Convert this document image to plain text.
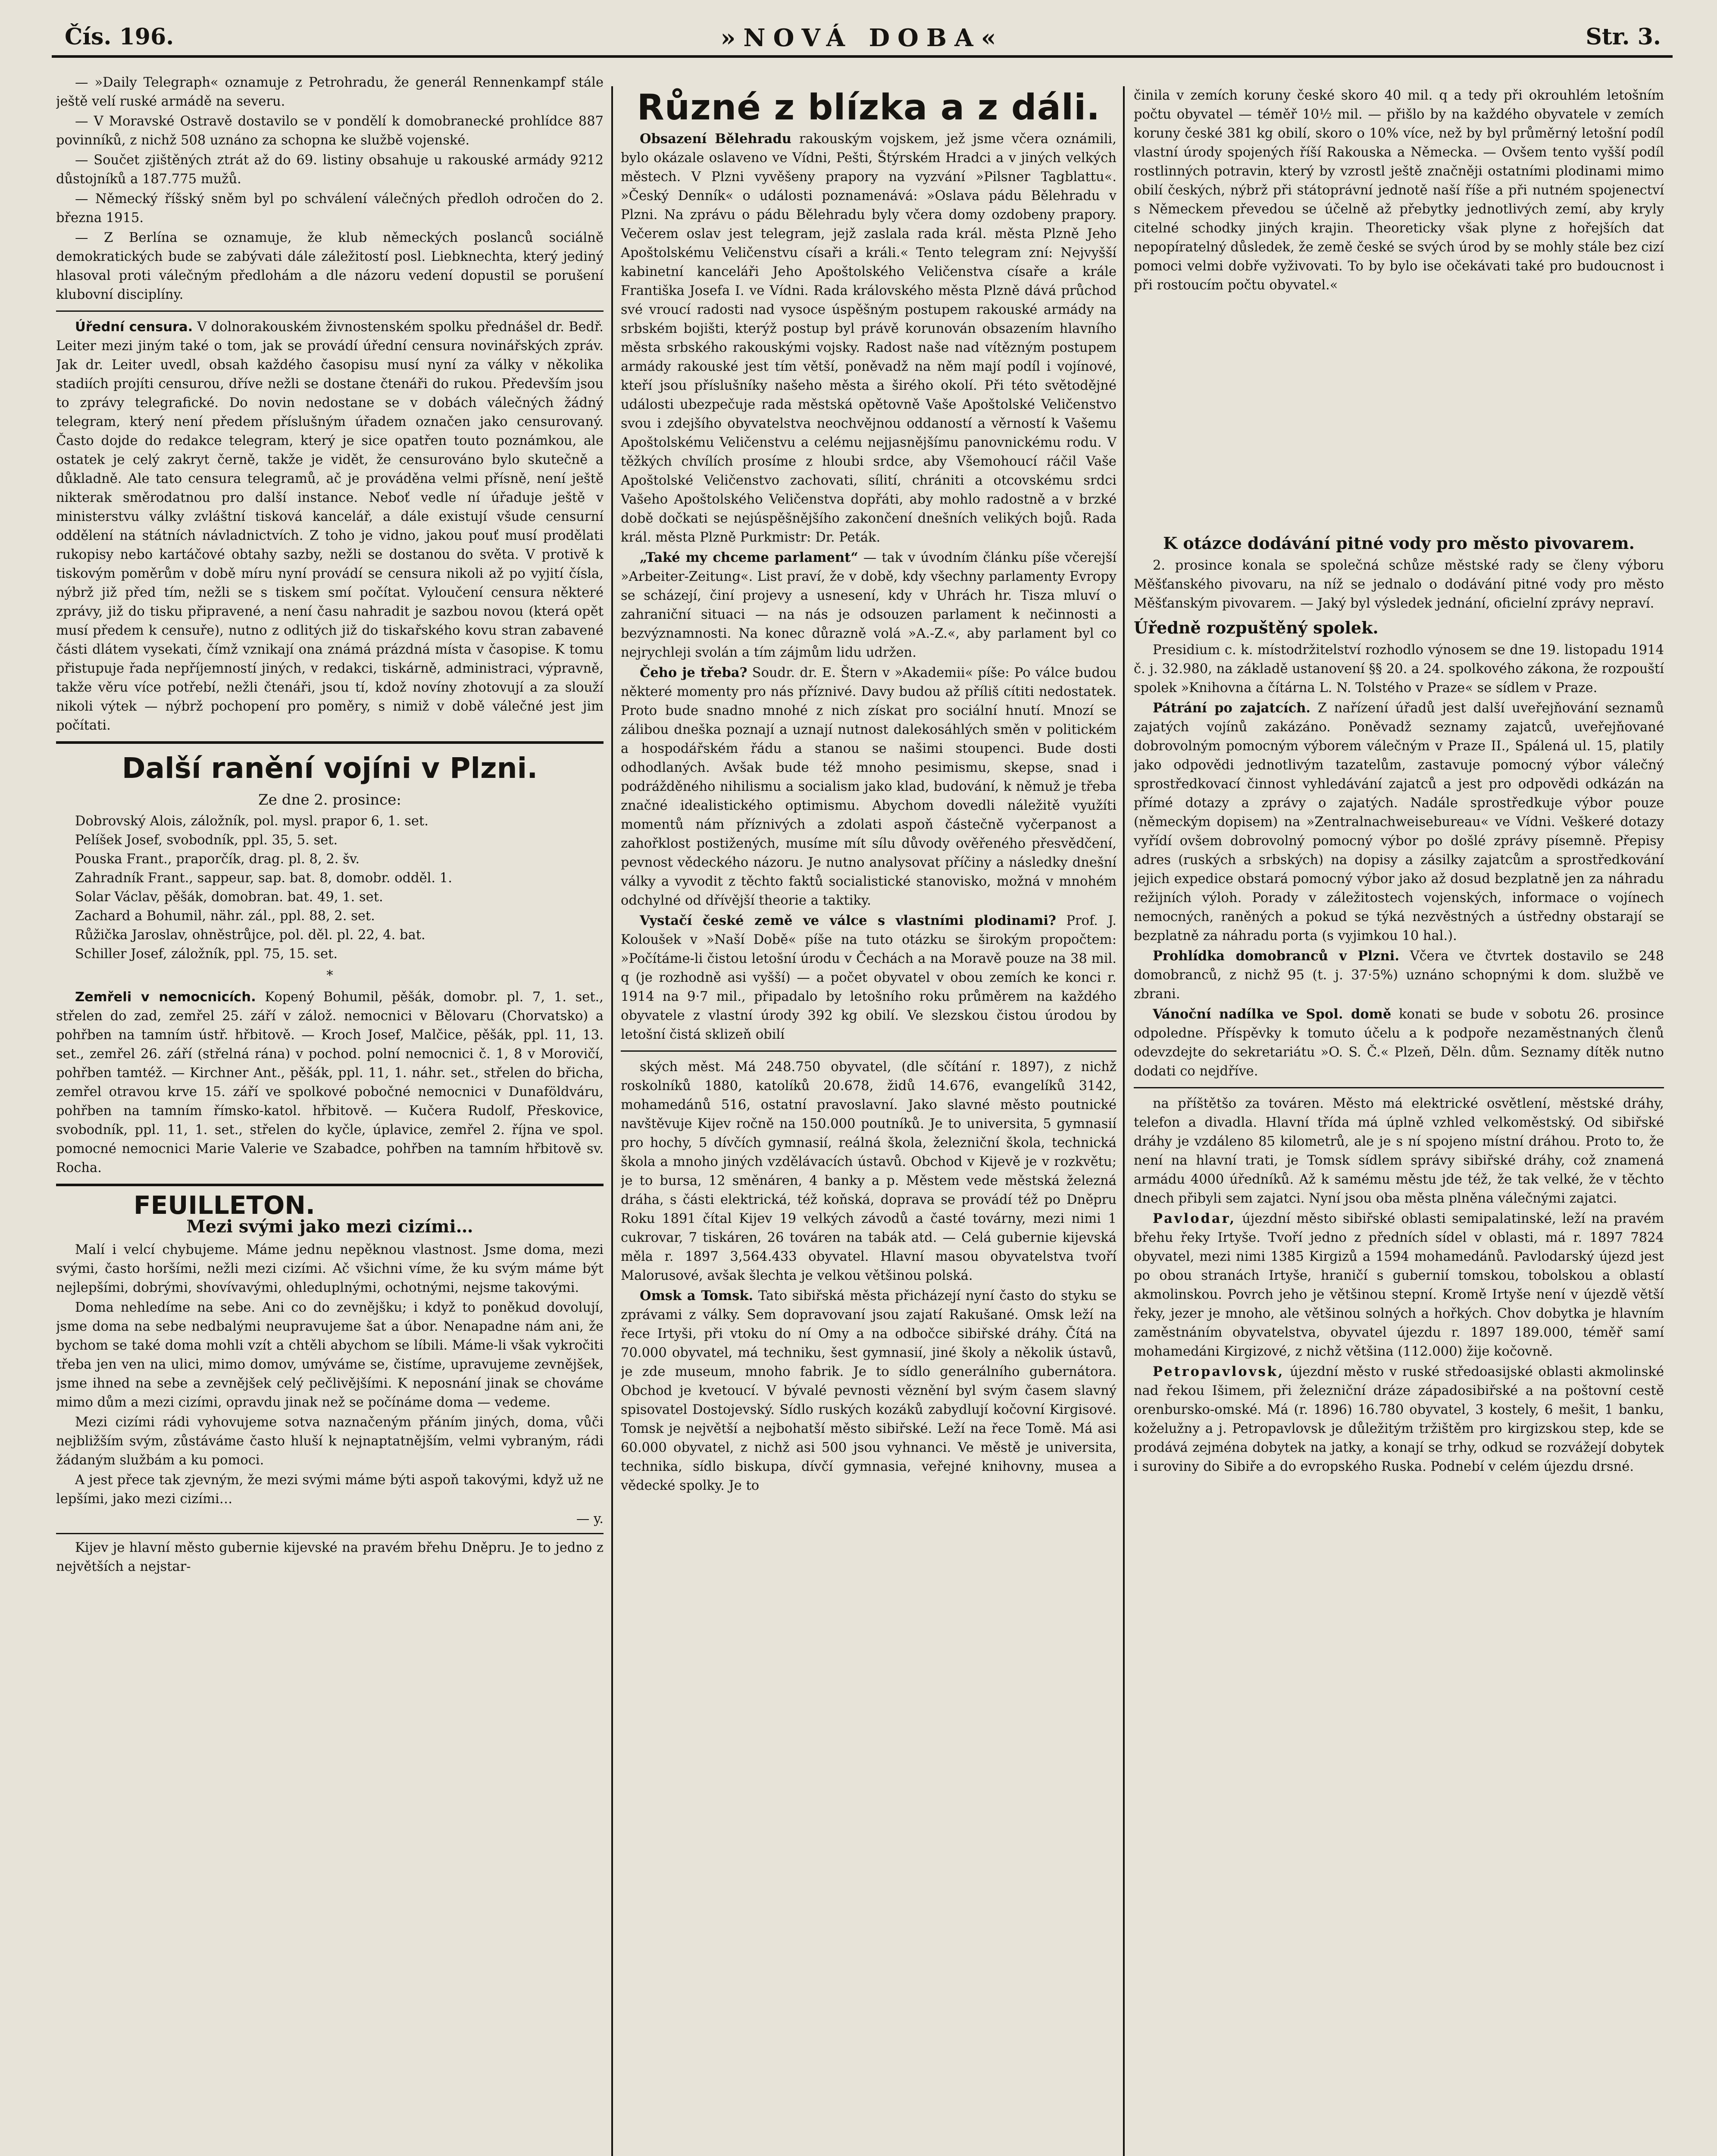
Čís. 196.	»NOVÁ DOBA«	Str. 3.

— »Daily Telegraph« oznamuje z Petrohradu, že generál Rennenkampf stále ještě velí ruské armádě na severu.

— V Moravské Ostravě dostavilo se v pondělí k domobranecké prohlídce 887 povinníků, z nichž 508 uznáno za schopna ke službě vojenské.

— Součet zjištěných ztrát až do 69. listiny obsahuje u rakouské armády 9212 důstojníků a 187.775 mužů.

— Německý říšský sněm byl po schválení válečných předloh odročen do 2. března 1915.

— Z Berlína se oznamuje, že klub německých poslanců sociálně demokratických bude se zabývati dále záležitostí posl. Liebknechta, který jediný hlasoval proti válečným předlohám a dle názoru vedení dopustil se porušení klubovní disciplíny.

Úřední censura. V dolnorakouském živnostenském spolku přednášel dr. Bedř. Leiter mezi jiným také o tom, jak se provádí úřední censura novinářských zpráv. Jak dr. Leiter uvedl, obsah každého časopisu musí nyní za války v několika stadiích projíti censurou, dříve nežli se dostane čtenáři do rukou. Především jsou to zprávy telegrafické. Do novin nedostane se v dobách válečných žádný telegram, který není předem příslušným úřadem označen jako censurovaný. Často dojde do redakce telegram, který je sice opatřen touto poznámkou, ale ostatek je celý zakryt černě, takže je vidět, že censurováno bylo skutečně a důkladně. Ale tato censura telegramů, ač je prováděna velmi přísně, není ještě nikterak směrodatnou pro další instance. Neboť vedle ní úřaduje ještě v ministerstvu války zvláštní tisková kancelář, a dále existují všude censurní oddělení na státních návladnictvích. Z toho je vidno, jakou pouť musí prodělati rukopisy nebo kartáčové obtahy sazby, nežli se dostanou do světa. V protivě k tiskovým poměrům v době míru nyní provádí se censura nikoli až po vyjití čísla, nýbrž již před tím, nežli se s tiskem smí počítat. Vyloučení censura některé zprávy, již do tisku připravené, a není času nahradit je sazbou novou (která opět musí předem k censuře), nutno z odlitých již do tiskařského kovu stran zabavené části dlátem vysekati, čímž vznikají ona známá prázdná místa v časopise. K tomu přistupuje řada nepříjemností jiných, v redakci, tiskárně, administraci, výpravně, takže věru více potřebí, nežli čtenáři, jsou tí, kdož novíny zhotovují a za slouží nikoli výtek — nýbrž pochopení pro poměry, s nimiž v době válečné jest jim počítati.

Další ranění vojíni v Plzni.
Ze dne 2. prosince:

Dobrovský Alois, záložník, pol. mysl. prapor 6, 1. set.

Pelíšek Josef, svobodník, ppl. 35, 5. set.

Pouska Frant., praporčík, drag. pl. 8, 2. šv.

Zahradník Frant., sappeur, sap. bat. 8, domobr. odděl. 1.

Solar Václav, pěšák, domobran. bat. 49, 1. set.

Zachard a Bohumil, nähr. zál., ppl. 88, 2. set.

Růžička Jaroslav, ohněstrůjce, pol. děl. pl. 22, 4. bat.

Schiller Josef, záložník, ppl. 75, 15. set.

*

Zemřeli v nemocnicích. Kopený Bohumil, pěšák, domobr. pl. 7, 1. set., střelen do zad, zemřel 25. září v zálož. nemocnici v Bělovaru (Chorvatsko) a pohřben na tamním ústř. hřbitově. — Kroch Josef, Malčice, pěšák, ppl. 11, 13. set., zemřel 26. září (střelná rána) v pochod. polní nemocnici č. 1, 8 v Morovičí, pohřben tamtéž. — Kirchner Ant., pěšák, ppl. 11, 1. náhr. set., střelen do břicha, zemřel otravou krve 15. září ve spolkové pobočné nemocnici v Dunaföldváru, pohřben na tamním římsko-katol. hřbitově. — Kučera Rudolf, Přeskovice, svobodník, ppl. 11, 1. set., střelen do kyčle, úplavice, zemřel 2. října ve spol. pomocné nemocnici Marie Valerie ve Szabadce, pohřben na tamním hřbitově sv. Rocha.

FEUILLETON.
Mezi svými jako mezi cizími…

Malí i velcí chybujeme. Máme jednu nepěknou vlastnost. Jsme doma, mezi svými, často horšími, nežli mezi cizími. Ač všichni víme, že ku svým máme být nejlepšími, dobrými, shovívavými, ohleduplnými, ochotnými, nejsme takovými.

Doma nehledíme na sebe. Ani co do zevnějšku; i když to poněkud dovolují, jsme doma na sebe nedbalými neupravujeme šat a úbor. Nenapadne nám ani, že bychom se také doma mohli vzít a chtěli abychom se líbili. Máme-li však vykročiti třeba jen ven na ulici, mimo domov, umýváme se, čistíme, upravujeme zevnějšek, jsme ihned na sebe a zevnějšek celý pečlivějšími. K neposnání jinak se chováme mimo dům a mezi cizími, opravdu jinak než se počínáme doma — vedeme.

Mezi cizími rádi vyhovujeme sotva naznačeným přáním jiných, doma, vůči nejbližším svým, zůstáváme často hluší k nejnaptatnějším, velmi vybraným, rádi žádaným službám a ku pomoci.

A jest přece tak zjevným, že mezi svými máme býti aspoň takovými, když už ne lepšími, jako mezi cizími…

— y.

Kijev je hlavní město gubernie kijevské na pravém břehu Dněpru. Je to jedno z největších a nejstar-

Různé z blízka a z dáli.

Obsazení Bělehradu rakouským vojskem, jež jsme včera oznámili, bylo okázale oslaveno ve Vídni, Pešti, Štýrském Hradci a v jiných velkých městech. V Plzni vyvěšeny prapory na vyzvání »Pilsner Tagblattu«. »Český Denník« o události poznamenává: »Oslava pádu Bělehradu v Plzni. Na zprávu o pádu Bělehradu byly včera domy ozdobeny prapory. Večerem oslav jest telegram, jejž zaslala rada král. města Plzně Jeho Apoštolskému Veličenstvu císaři a králi.« Tento telegram zní: Nejvyšší kabinetní kanceláři Jeho Apoštolského Veličenstva císaře a krále Františka Josefa I. ve Vídni. Rada královského města Plzně dává průchod své vroucí radosti nad vysoce úspěšným postupem rakouské armády na srbském bojišti, kterýž postup byl právě korunován obsazením hlavního města srbského rakouskými vojsky. Radost naše nad vítězným postupem armády rakouské jest tím větší, poněvadž na něm mají podíl i vojínové, kteří jsou příslušníky našeho města a širého okolí. Při této světodějné události ubezpečuje rada městská opětovně Vaše Apoštolské Veličenstvo svou i zdejšího obyvatelstva neochvějnou oddaností a věrností k Vašemu Apoštolskému Veličenstvu a celému nejjasnějšímu panovnickému rodu. V těžkých chvílích prosíme z hloubi srdce, aby Všemohoucí ráčil Vaše Apoštolské Veličenstvo zachovati, sílití, chrániti a otcovskému srdci Vašeho Apoštolského Veličenstva dopřáti, aby mohlo radostně a v brzké době dočkati se nejúspěšnějšího zakončení dnešních velikých bojů. Rada král. města Plzně Purkmistr: Dr. Peták.

„Také my chceme parlament“ — tak v úvodním článku píše včerejší »Arbeiter-Zeitung«. List praví, že v době, kdy všechny parlamenty Evropy se scházejí, činí projevy a usnesení, kdy v Uhrách hr. Tisza mluví o zahraniční situaci — na nás je odsouzen parlament k nečinnosti a bezvýznamnosti. Na konec důrazně volá »A.-Z.«, aby parlament byl co nejrychleji svolán a tím zájmům lidu udržen.

Čeho je třeba? Soudr. dr. E. Štern v »Akademii« píše: Po válce budou některé momenty pro nás příznivé. Davy budou až příliš cítiti nedostatek. Proto bude snadno mnohé z nich získat pro sociální hnutí. Mnozí se zálibou dneška poznají a uznají nutnost dalekosáhlých směn v politickém a hospodářském řádu a stanou se našimi stoupenci. Bude dosti odhodlaných. Avšak bude též mnoho pesimismu, skepse, snad i podrážděného nihilismu a socialism jako klad, budování, k němuž je třeba značné idealistického optimismu. Abychom dovedli náležitě využíti momentů nám příznivých a zdolati aspoň částečně vyčerpanost a zahořklost postižených, musíme mít sílu důvody ověřeného přesvědčení, pevnost vědeckého názoru. Je nutno analysovat příčiny a následky dnešní války a vyvodit z těchto faktů socialistické stanovisko, možná v mnohém odchylné od dřívější theorie a taktiky.

Vystačí české země ve válce s vlastními plodinami? Prof. J. Koloušek v »Naší Době« píše na tuto otázku se širokým propočtem: »Počítáme-li čistou letošní úrodu v Čechách a na Moravě pouze na 38 mil. q (je rozhodně asi vyšší) — a počet obyvatel v obou zemích ke konci r. 1914 na 9·7 mil., připadalo by letošního roku průměrem na každého obyvatele z vlastní úrody 392 kg obilí. Ve slezskou čistou úrodou by letošní čistá sklizeň obilí

ských měst. Má 248.750 obyvatel, (dle sčítání r. 1897), z nichž roskolníků 1880, katolíků 20.678, židů 14.676, evangelíků 3142, mohamedánů 516, ostatní pravoslavní. Jako slavné město poutnické navštěvuje Kijev ročně na 150.000 poutníků. Je to universita, 5 gymnasií pro hochy, 5 dívčích gymnasií, reálná škola, železniční škola, technická škola a mnoho jiných vzdělávacích ústavů. Obchod v Kijevě je v rozkvětu; je to bursa, 12 směnáren, 4 banky a p. Městem vede městská železná dráha, s části elektrická, též koňská, doprava se provádí též po Dněpru Roku 1891 čítal Kijev 19 velkých závodů a časté továrny, mezi nimi 1 cukrovar, 7 tiskáren, 26 továren na tabák atd. — Celá gubernie kijevská měla r. 1897 3,564.433 obyvatel. Hlavní masou obyvatelstva tvoří Malorusové, avšak šlechta je velkou většinou polská.

Omsk a Tomsk. Tato sibiřská města přicházejí nyní často do styku se zprávami z války. Sem dopravovaní jsou zajatí Rakušané. Omsk leží na řece Irtyši, při vtoku do ní Omy a na odbočce sibiřské dráhy. Čítá na 70.000 obyvatel, má techniku, šest gymnasií, jiné školy a několik ústavů, je zde museum, mnoho fabrik. Je to sídlo generálního gubernátora. Obchod je kvetoucí. V bývalé pevnosti věznění byl svým časem slavný spisovatel Dostojevský. Sídlo ruských kozáků zabydlují kočovní Kirgisové. Tomsk je největší a nejbohatší město sibiřské. Leží na řece Tomě. Má asi 60.000 obyvatel, z nichž asi 500 jsou vyhnanci. Ve městě je universita, technika, sídlo biskupa, dívčí gymnasia, veřejné knihovny, musea a vědecké spolky. Je to

činila v zemích koruny české skoro 40 mil. q a tedy při okrouhlém letošním počtu obyvatel — téměř 10½ mil. — přišlo by na každého obyvatele v zemích koruny české 381 kg obilí, skoro o 10% více, než by byl průměrný letošní podíl vlastní úrody spojených říší Rakouska a Německa. — Ovšem tento vyšší podíl rostlinných potravin, který by vzrostl ještě značněji ostatními plodinami mimo obilí českých, nýbrž při státoprávní jednotě naší říše a při nutném spojenectví s Německem převedou se účelně až přebytky jednotlivých zemí, aby kryly citelné schodky jiných krajin. Theoreticky však plyne z hořejších dat nepopíratelný důsledek, že země české se svých úrod by se mohly stále bez cizí pomoci velmi dobře vyživovati. To by bylo ise očekávati také pro budoucnost i při rostoucím počtu obyvatel.«

K otázce dodávání pitné vody pro město pivovarem.

2. prosince konala se společná schůze městské rady se členy výboru Měšťanského pivovaru, na níž se jednalo o dodávání pitné vody pro město Měšťanským pivovarem. — Jaký byl výsledek jednání, oficielní zprávy nepraví.

Úředně rozpuštěný spolek.

Presidium c. k. místodržitelství rozhodlo výnosem se dne 19. listopadu 1914 č. j. 32.980, na základě ustanovení §§ 20. a 24. spolkového zákona, že rozpouští spolek »Knihovna a čítárna L. N. Tolstého v Praze« se sídlem v Praze.

Pátrání po zajatcích. Z nařízení úřadů jest další uveřejňování seznamů zajatých vojínů zakázáno. Poněvadž seznamy zajatců, uveřejňované dobrovolným pomocným výborem válečným v Praze II., Spálená ul. 15, platily jako odpovědi jednotlivým tazatelům, zastavuje pomocný výbor válečný sprostředkovací činnost vyhledávání zajatců a jest pro odpovědi odkázán na přímé dotazy a zprávy o zajatých. Nadále sprostředkuje výbor pouze (německým dopisem) na »Zentralnachweisebureau« ve Vídni. Veškeré dotazy vyřídí ovšem dobrovolný pomocný výbor po došlé zprávy písemně. Přepisy adres (ruských a srbských) na dopisy a zásilky zajatcům a sprostředkování jejich expedice obstará pomocný výbor jako až dosud bezplatně jen za náhradu režijních výloh. Porady v záležitostech vojenských, informace o vojínech nemocných, raněných a pokud se týká nezvěstných a ústředny obstarají se bezplatně za náhradu porta (s vyjimkou 10 hal.).

Prohlídka domobranců v Plzni. Včera ve čtvrtek dostavilo se 248 domobranců, z nichž 95 (t. j. 37·5%) uznáno schopnými k dom. službě ve zbrani.

Vánoční nadílka ve Spol. domě konati se bude v sobotu 26. prosince odpoledne. Příspěvky k tomuto účelu a k podpoře nezaměstnaných členů odevzdejte do sekretariátu »O. S. Č.« Plzeň, Děln. dům. Seznamy dítěk nutno dodati co nejdříve.

na příštětšo za továren. Město má elektrické osvětlení, městské dráhy, telefon a divadla. Hlavní třída má úplně vzhled velkoměstský. Od sibiřské dráhy je vzdáleno 85 kilometrů, ale je s ní spojeno místní dráhou. Proto to, že není na hlavní trati, je Tomsk sídlem správy sibiřské dráhy, což znamená armádu 4000 úředníků. Až k samému městu jde též, že tak velké, že v těchto dnech přibyli sem zajatci. Nyní jsou oba města plněna válečnými zajatci.

Pavlodar, újezdní město sibiřské oblasti semipalatinské, leží na pravém břehu řeky Irtyše. Tvoří jedno z předních sídel v oblasti, má r. 1897 7824 obyvatel, mezi nimi 1385 Kirgizů a 1594 mohamedánů. Pavlodarský újezd jest po obou stranách Irtyše, hraničí s gubernií tomskou, tobolskou a oblastí akmolinskou. Povrch jeho je většinou stepní. Kromě Irtyše není v újezdě větší řeky, jezer je mnoho, ale většinou solných a hořkých. Chov dobytka je hlavním zaměstnáním obyvatelstva, obyvatel újezdu r. 1897 189.000, téměř samí mohamedáni Kirgizové, z nichž většina (112.000) žije kočovně.

Petropavlovsk, újezdní město v ruské středoasijské oblasti akmolinské nad řekou Išimem, při železniční dráze západosibiřské a na poštovní cestě orenbursko-omské. Má (r. 1896) 16.780 obyvatel, 3 kostely, 6 mešit, 1 banku, koželužny a j. Petropavlovsk je důležitým tržištěm pro kirgizskou step, kde se prodává zejména dobytek na jatky, a konají se trhy, odkud se rozvážejí dobytek i suroviny do Sibiře a do evropského Ruska. Podnebí v celém újezdu drsné.
